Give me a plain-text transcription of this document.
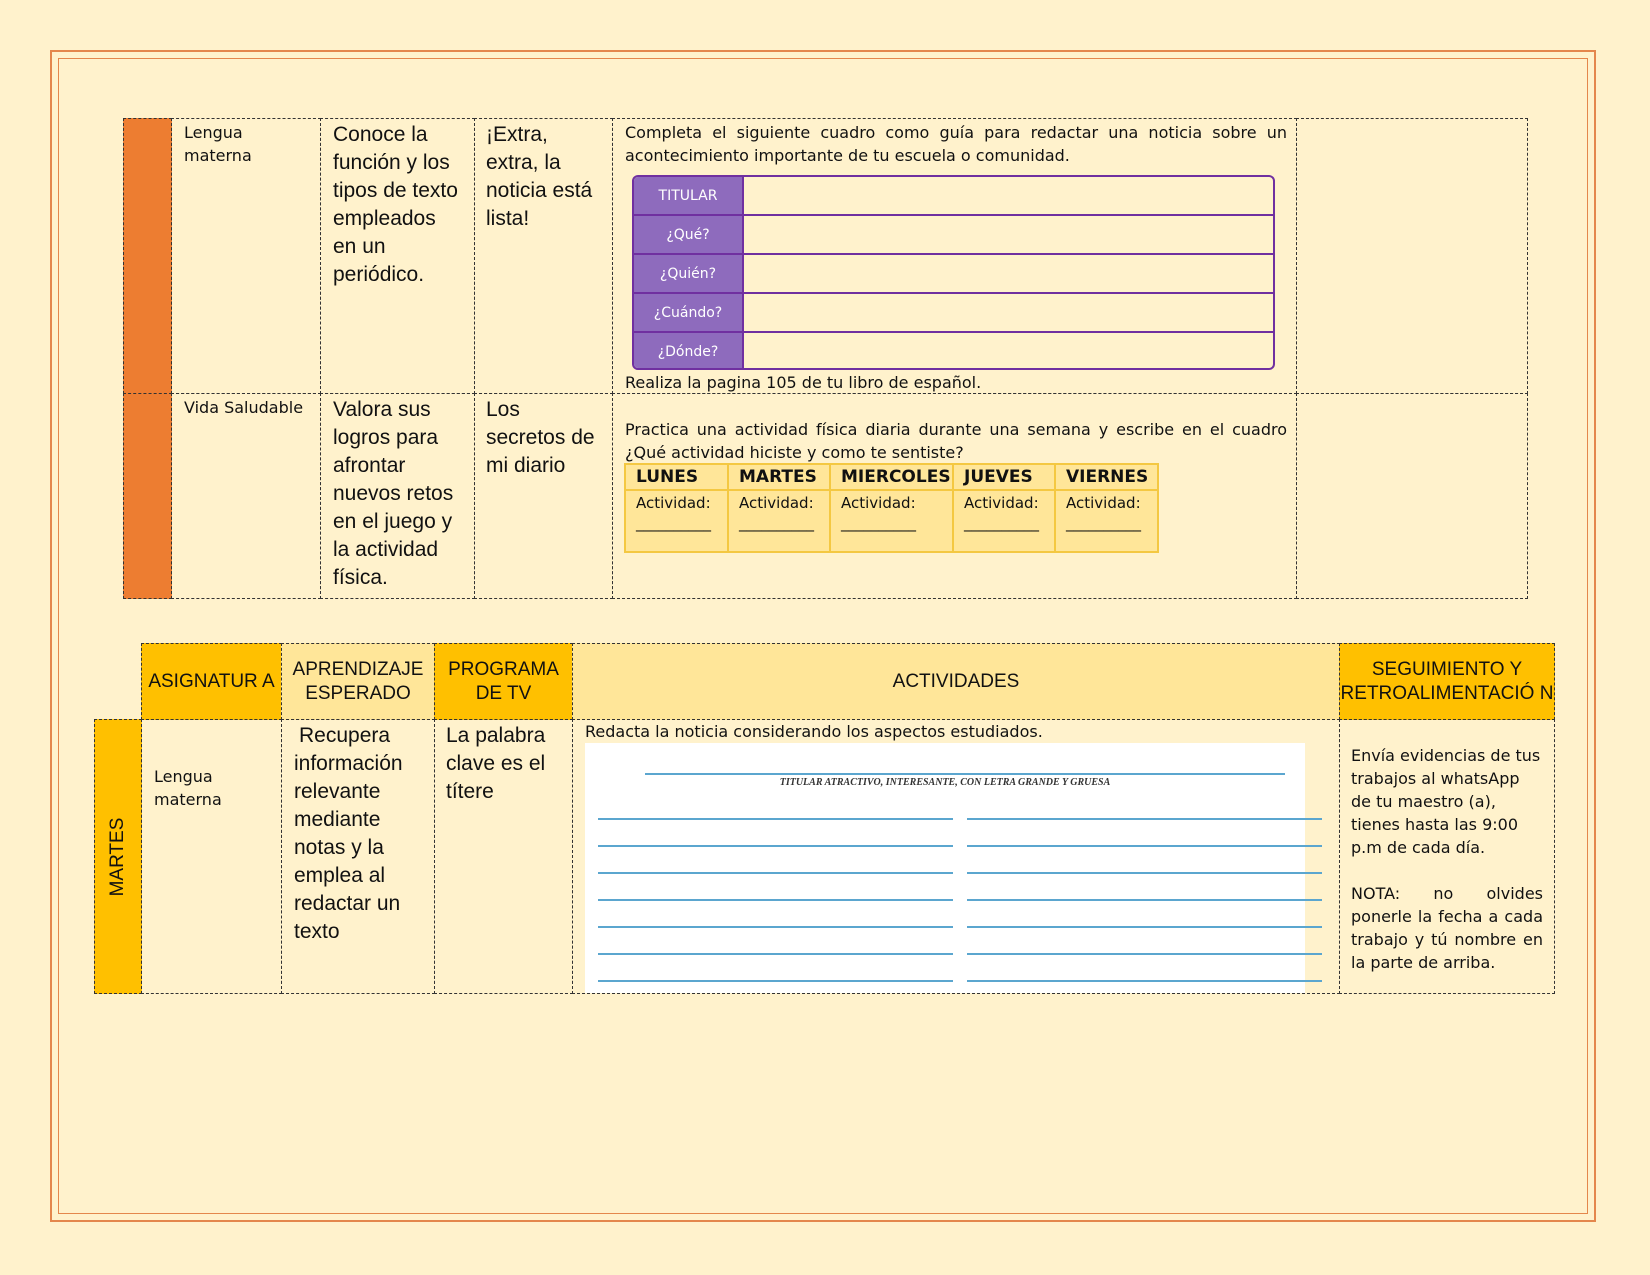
Lengua materna
Conoce la función y los tipos de texto empleados en un periódico.
¡Extra, extra, la noticia está lista!
Completa el siguiente cuadro como guía para redactar una noticia sobre un acontecimiento importante de tu escuela o comunidad.
Realiza la pagina 105 de tu libro de español.
TITULAR
¿Qué?
¿Quién?
¿Cuándo?
¿Dónde?
Vida Saludable	Valora sus logros para afrontar nuevos retos en el juego y la actividad física.
Los secretos de mi diario
Practica una actividad física diaria durante una semana y escribe en el cuadro ¿Qué actividad hiciste y como te sentiste?
LUNES
Actividad:
__________
MARTES
Actividad:
__________
MIERCOLES
Actividad:
__________
JUEVES
Actividad:
__________
VIERNES
Actividad:
__________
ASIGNATUR A
APRENDIZAJE ESPERADO
PROGRAMA DE TV
ACTIVIDADES
SEGUIMIENTO Y RETROALIMENTACIÓ N
MARTES
Lengua materna
Recupera información relevante mediante notas y la emplea al redactar un texto
La palabra clave es el títere
Redacta la noticia considerando los aspectos estudiados.
Envía evidencias de tus trabajos al whatsApp de tu maestro (a), tienes hasta las 9:00 p.m de cada día.
NOTA: no olvides ponerle la fecha a cada trabajo y tú nombre en la parte de arriba.
TITULAR ATRACTIVO, INTERESANTE, CON LETRA GRANDE Y GRUESA
